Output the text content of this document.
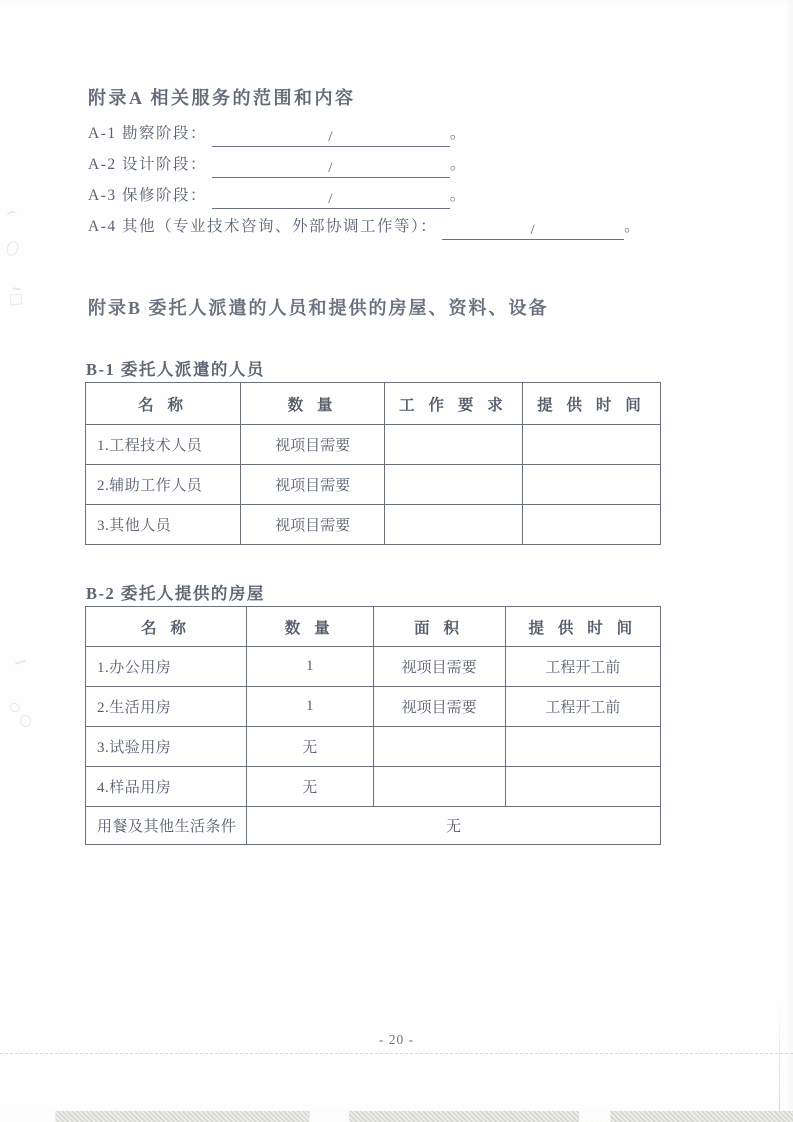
附录A 相关服务的范围和内容
A-1 勘察阶段：	/	。
A-2 设计阶段：	/	。
A-3 保修阶段：	/	。
A-4 其他（专业技术咨询、外部协调工作等）：	/	。
附录B 委托人派遣的人员和提供的房屋、资料、设备
B-1 委托人派遣的人员
名 称	数 量	工 作 要 求	提 供 时 间
1.工程技术人员	视项目需要		
2.辅助工作人员	视项目需要		
3.其他人员	视项目需要		
B-2 委托人提供的房屋
名 称	数 量	面 积	提 供 时 间
1.办公用房	1	视项目需要	工程开工前
2.生活用房	1	视项目需要	工程开工前
3.试验用房	无		
4.样品用房	无		
用餐及其他生活条件	无		
- 20 -
